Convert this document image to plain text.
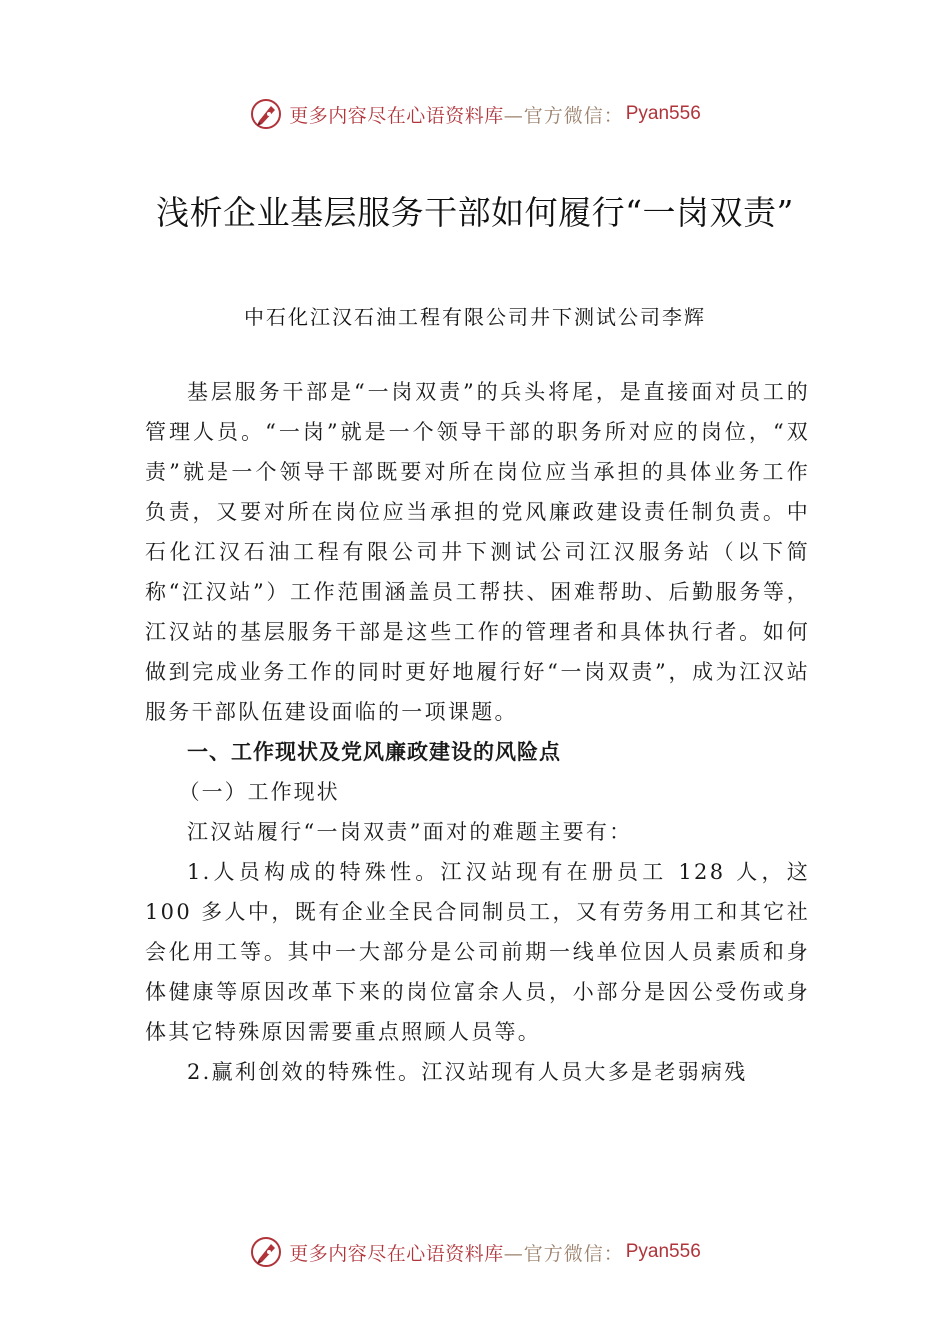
更多内容尽在心语资料库 —官方微信： Pyan556
浅析企业基层服务干部如何履行“一岗双责”
中石化江汉石油工程有限公司井下测试公司李辉

基层服务干部是“一岗双责”的兵头将尾，是直接面对员工的管理人员。“一岗”就是一个领导干部的职务所对应的岗位，“双责”就是一个领导干部既要对所在岗位应当承担的具体业务工作负责，又要对所在岗位应当承担的党风廉政建设责任制负责。中石化江汉石油工程有限公司井下测试公司江汉服务站（以下简称“江汉站”）工作范围涵盖员工帮扶、困难帮助、后勤服务等，江汉站的基层服务干部是这些工作的管理者和具体执行者。如何做到完成业务工作的同时更好地履行好“一岗双责”，成为江汉站服务干部队伍建设面临的一项课题。

一、工作现状及党风廉政建设的风险点

（一）工作现状

江汉站履行“一岗双责”面对的难题主要有：

1.人员构成的特殊性。江汉站现有在册员工 128 人，这 100 多人中，既有企业全民合同制员工，又有劳务用工和其它社会化用工等。其中一大部分是公司前期一线单位因人员素质和身体健康等原因改革下来的岗位富余人员，小部分是因公受伤或身体其它特殊原因需要重点照顾人员等。

2.赢利创效的特殊性。江汉站现有人员大多是老弱病残

更多内容尽在心语资料库 —官方微信： Pyan556
